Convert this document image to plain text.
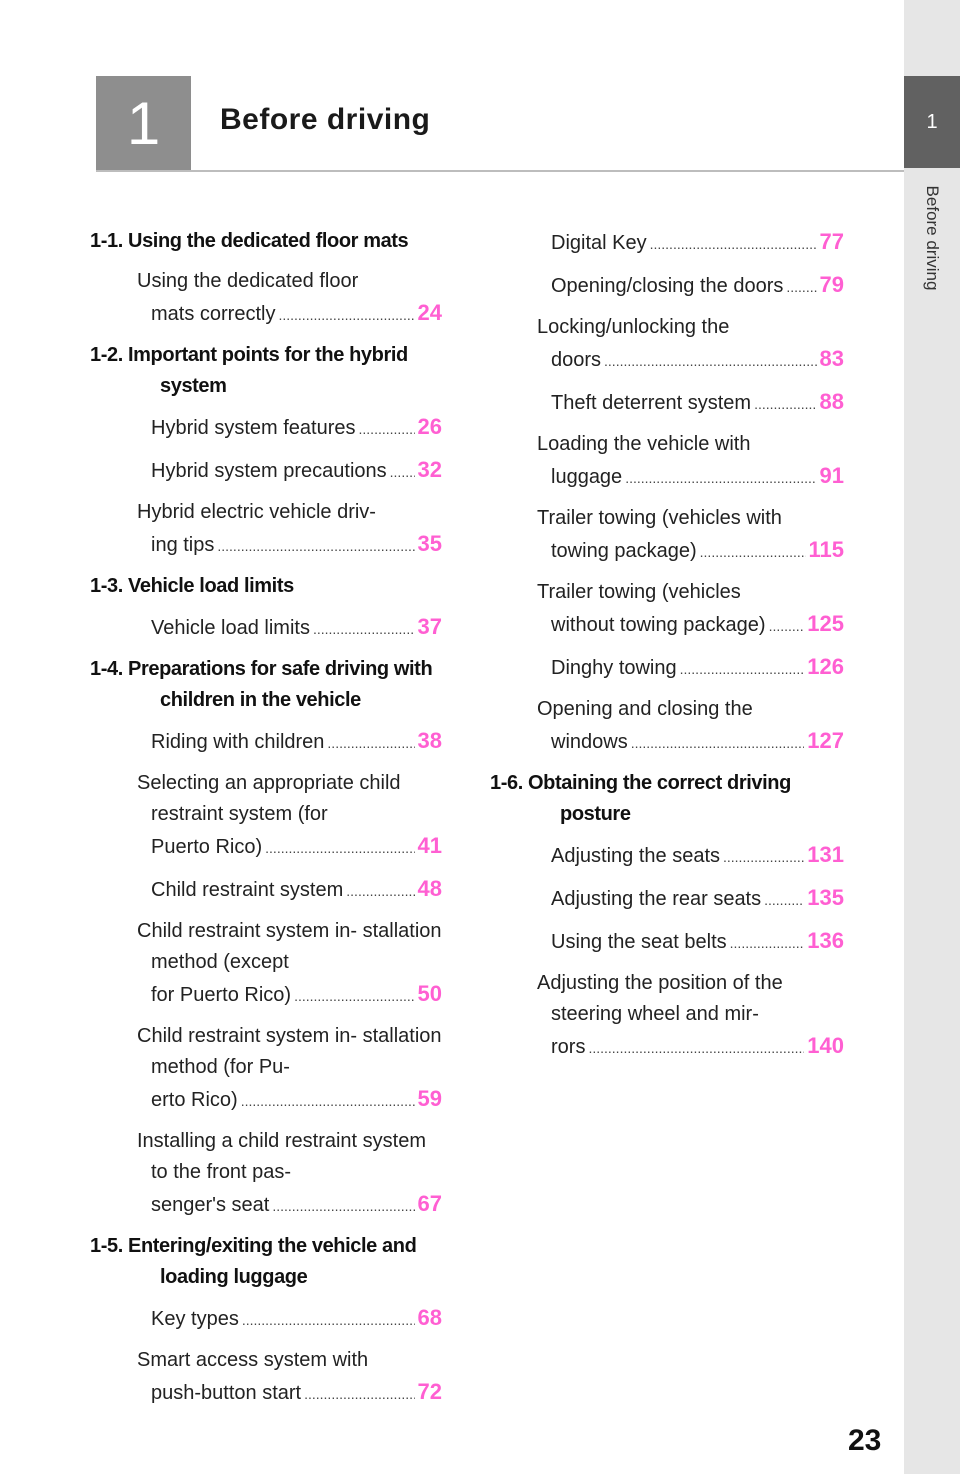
1	Before driving	1
Before driving
1-1. Using the dedicated floor mats
Using the dedicated floor
mats correctly .....	24
1-2. Important points for the hybrid system
Hybrid system features .....	26
Hybrid system precautions ..... 32
Hybrid electric vehicle driv-
ing tips .....	35
1-3. Vehicle load limits
Vehicle load limits .....	37
1-4. Preparations for safe driving with children in the vehicle
Riding with children .....	38
Selecting an appropriate child restraint system (for
Puerto Rico) .....	41
Child restraint system .....	48
Child restraint system in- stallation method (except
for Puerto Rico) .....	50
Child restraint system in- stallation method (for Pu-
erto Rico) .....	59
Installing a child restraint system to the front pas-
senger's seat .....	67
1-5. Entering/exiting the vehicle and loading luggage
Key types .....	68
Smart access system with
push-button start .....	72
Digital Key .....	77
Opening/closing the doors ..... 79
Locking/unlocking the
doors .....	83
Theft deterrent system .....	88
Loading the vehicle with
luggage .....	91
Trailer towing (vehicles with
towing package) .....	115
Trailer towing (vehicles
without towing package) ..... 125
Dinghy towing .....	126
Opening and closing the
windows .....	127
1-6. Obtaining the correct driving posture
Adjusting the seats .....	131
Adjusting the rear seats ..... 135
Using the seat belts .....	136
Adjusting the position of the steering wheel and mir-
rors .....	140
23
